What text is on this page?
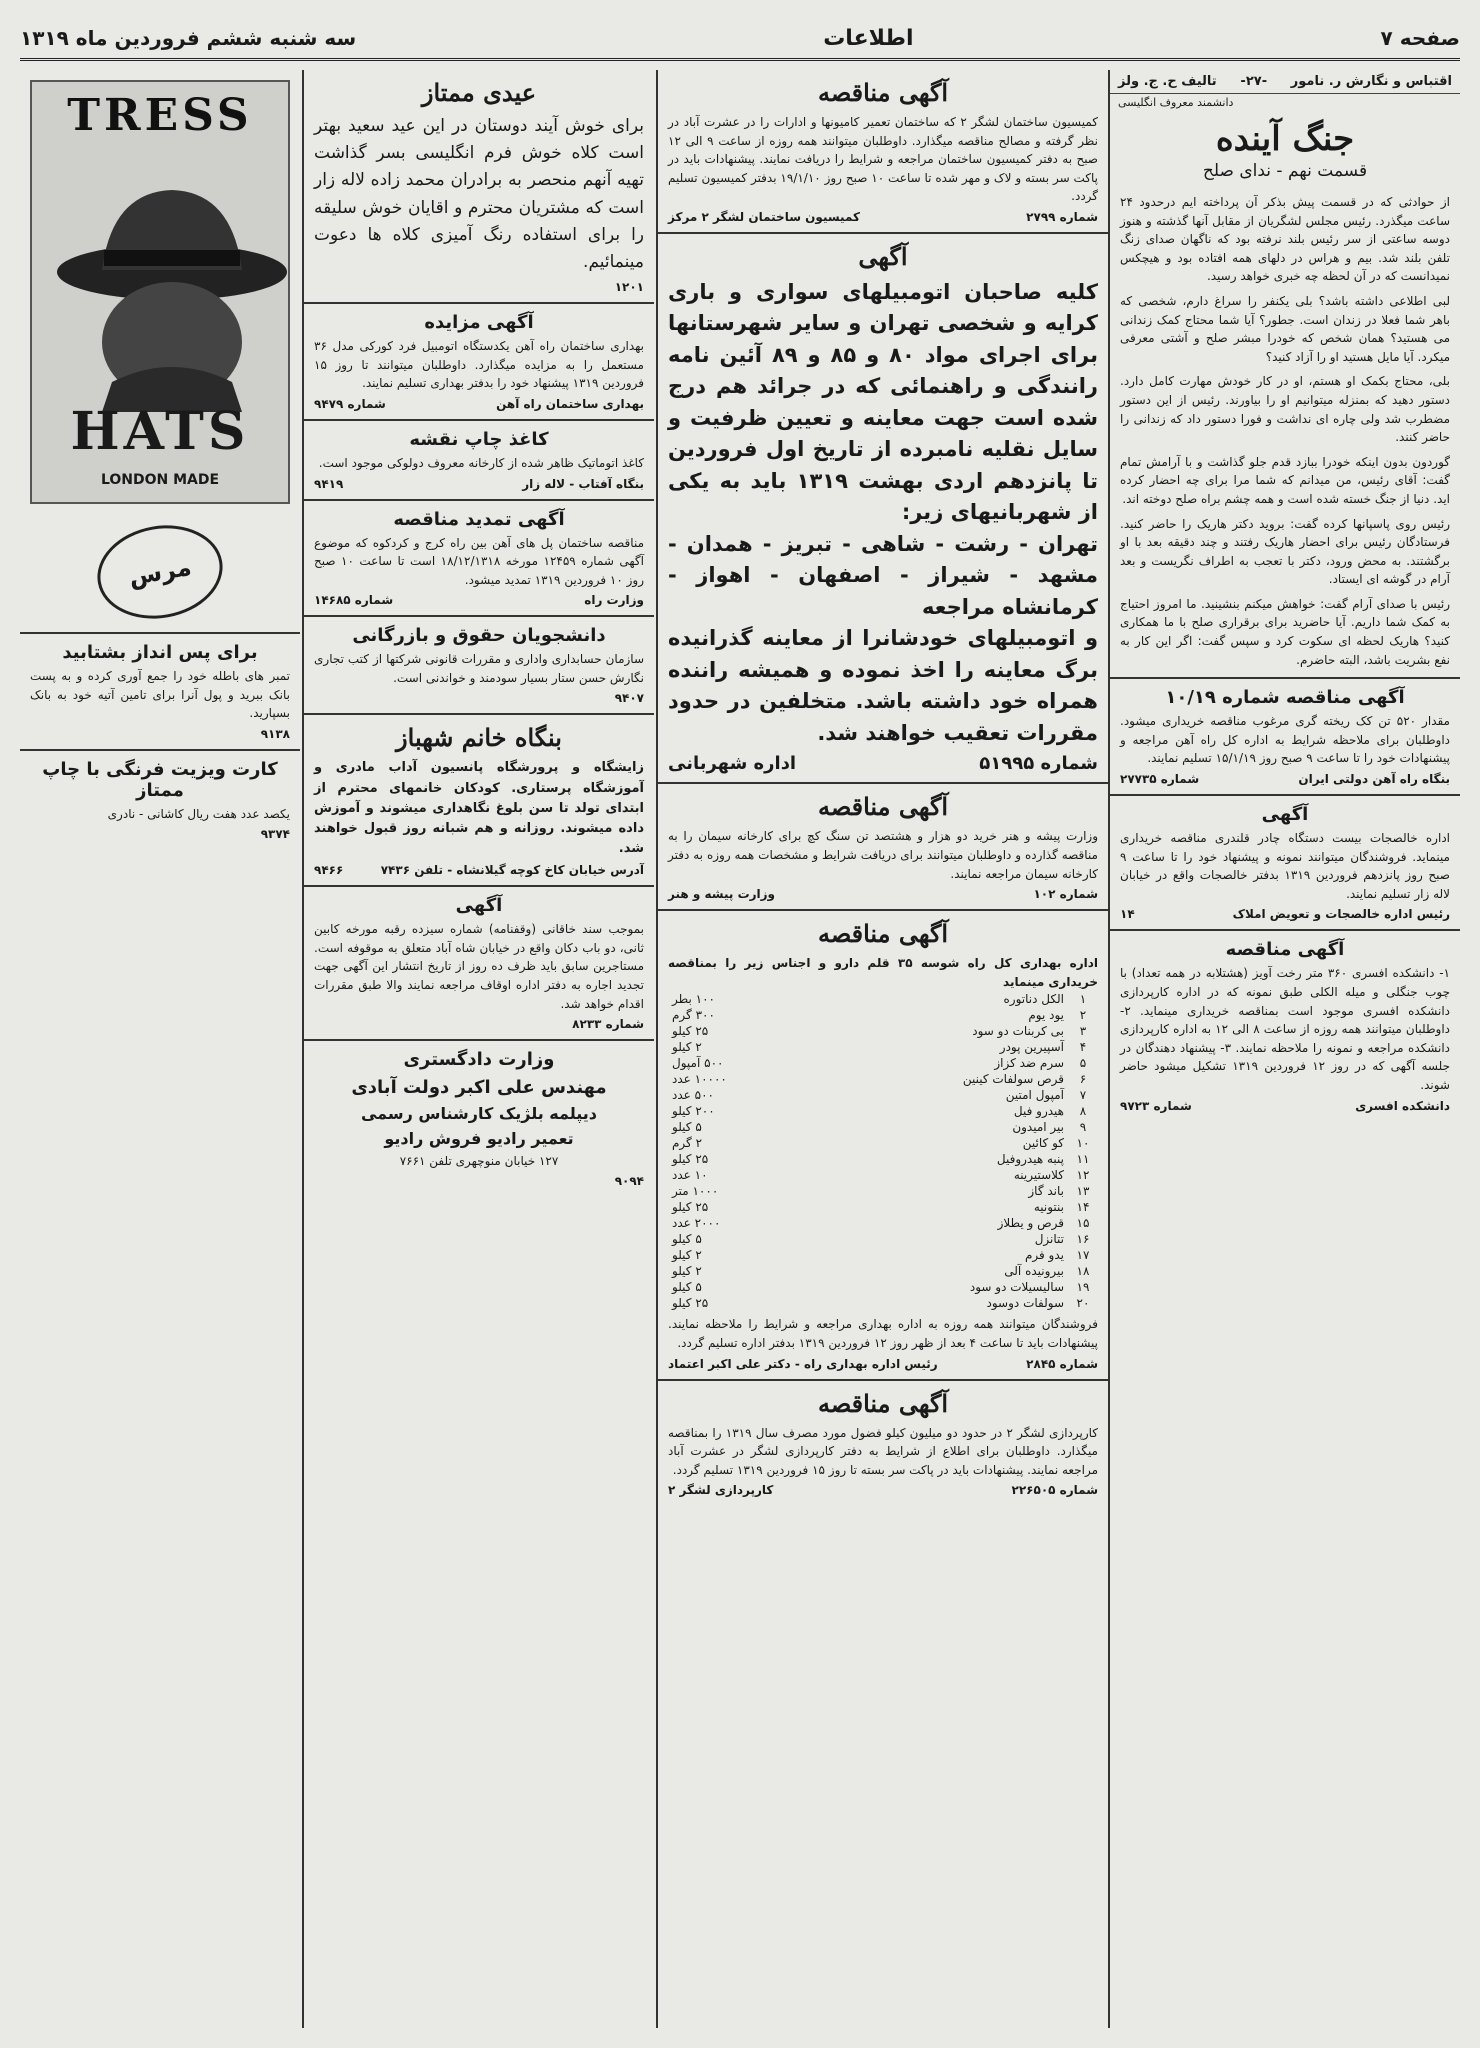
صفحه ۷
اطلاعات
سه شنبه ششم فروردین ماه ۱۳۱۹
اقتباس و نگارش ر. نامور
-۲۷-
تالیف ح. ج. ولز
دانشمند معروف انگلیسی
جنگ آینده
قسمت نهم - ندای صلح

از حوادثی که در قسمت پیش بذکر آن پرداخته ایم درحدود ۲۴ ساعت میگذرد. رئیس مجلس لشگریان از مقابل آنها گذشته و هنوز دوسه ساعتی از سر رئیس بلند نرفته بود که ناگهان صدای زنگ تلفن بلند شد. بیم و هراس در دلهای همه افتاده بود و هیچکس نمیدانست که در آن لحظه چه خبری خواهد رسید.

لبی اطلاعی داشته باشد؟ بلی یکنفر را سراغ دارم، شخصی که باهر شما فعلا در زندان است. جطور؟ آیا شما محتاج کمک زندانی می هستید؟ همان شخص که خودرا مبشر صلح و آشتی معرفی میکرد. آیا مایل هستید او را آزاد کنید؟

بلی، محتاج بکمک او هستم، او در کار خودش مهارت کامل دارد. دستور دهید که بمنزله میتوانیم او را بیاورند. رئیس از این دستور مضطرب شد ولی چاره ای نداشت و فورا دستور داد که زندانی را حاضر کنند.

گوردون بدون اینکه خودرا ببازد قدم جلو گذاشت و با آرامش تمام گفت: آقای رئیس، من میدانم که شما مرا برای چه احضار کرده اید. دنیا از جنگ خسته شده است و همه چشم براه صلح دوخته اند.

رئیس روی پاسپانها کرده گفت: بروید دکتر هاریک را حاضر کنید. فرستادگان رئیس برای احضار هاریک رفتند و چند دقیقه بعد با او برگشتند. به محض ورود، دکتر با تعجب به اطراف نگریست و بعد آرام در گوشه ای ایستاد.

رئیس با صدای آرام گفت: خواهش میکنم بنشینید. ما امروز احتیاج به کمک شما داریم. آیا حاضرید برای برقراری صلح با ما همکاری کنید؟ هاریک لحظه ای سکوت کرد و سپس گفت: اگر این کار به نفع بشریت باشد، البته حاضرم.

آگهی مناقصه شماره ۱۰/۱۹

مقدار ۵۲۰ تن کک ریخته گری مرغوب مناقصه خریداری میشود. داوطلبان برای ملاحظه شرایط به اداره کل راه آهن مراجعه و پیشنهادات خود را تا ساعت ۹ صبح روز ۱۵/۱/۱۹ تسلیم نمایند.

بنگاه راه آهن دولتی ایران
شماره ۲۷۷۳۵
آگهی

اداره خالصجات بیست دستگاه چادر قلندری مناقصه خریداری مینماید. فروشندگان میتوانند نمونه و پیشنهاد خود را تا ساعت ۹ صبح روز پانزدهم فروردین ۱۳۱۹ بدفتر خالصجات واقع در خیابان لاله زار تسلیم نمایند.

رئیس اداره خالصجات و تعویض املاک
۱۴
آگهی مناقصه

۱- دانشکده افسری ۳۶۰ متر رخت آویز (هشتلابه در همه تعداد) با چوب جنگلی و میله الکلی طبق نمونه که در اداره کارپردازی دانشکده افسری موجود است بمناقصه خریداری مینماید. ۲- داوطلبان میتوانند همه روزه از ساعت ۸ الی ۱۲ به اداره کارپردازی دانشکده مراجعه و نمونه را ملاحظه نمایند. ۳- پیشنهاد دهندگان در جلسه آگهی که در روز ۱۲ فروردین ۱۳۱۹ تشکیل میشود حاضر شوند.

دانشکده افسری
شماره ۹۷۲۳
آگهی مناقصه

کمیسیون ساختمان لشگر ۲ که ساختمان تعمیر کامیونها و ادارات را در عشرت آباد در نظر گرفته و مصالح مناقصه میگذارد. داوطلبان میتوانند همه روزه از ساعت ۹ الی ۱۲ صبح به دفتر کمیسیون ساختمان مراجعه و شرایط را دریافت نمایند. پیشنهادات باید در پاکت سر بسته و لاک و مهر شده تا ساعت ۱۰ صبح روز ۱۹/۱/۱۰ بدفتر کمیسیون تسلیم گردد.

شماره ۲۷۹۹
کمیسیون ساختمان لشگر ۲ مرکز
آگهی

کلیه صاحبان اتومبیلهای سواری و باری کرایه و شخصی تهران و سایر شهرستانها برای اجرای مواد ۸۰ و ۸۵ و ۸۹ آئین نامه رانندگی و راهنمائی که در جرائد هم درج شده است جهت معاینه و تعیین ظرفیت و سایل نقلیه نامبرده از تاریخ اول فروردین تا پانزدهم اردی بهشت ۱۳۱۹ باید به یکی از شهربانیهای زیر:

تهران - رشت - شاهی - تبریز - همدان - مشهد - شیراز - اصفهان - اهواز - کرمانشاه مراجعه

و اتومبیلهای خودشانرا از معاینه گذرانیده برگ معاینه را اخذ نموده و همیشه راننده همراه خود داشته باشد. متخلفین در حدود مقررات تعقیب خواهند شد.

شماره ۵۱۹۹۵
اداره شهربانی
آگهی مناقصه

وزارت پیشه و هنر خرید دو هزار و هشتصد تن سنگ کچ برای کارخانه سیمان را به مناقصه گذارده و داوطلبان میتوانند برای دریافت شرایط و مشخصات همه روزه به دفتر کارخانه سیمان مراجعه نمایند.

شماره ۱۰۲
وزارت پیشه و هنر
آگهی مناقصه

اداره بهداری کل راه شوسه ۳۵ قلم دارو و اجناس زیر را بمناقصه خریداری مینماید

۱	الکل دناتوره	۱۰۰ بطر
۲	یود یوم	۳۰۰ گرم
۳	بی کربنات دو سود	۲۵ کیلو
۴	آسپیرین پودر	۲ کیلو
۵	سرم ضد کزاز	۵۰۰ آمپول
۶	قرص سولفات کینین	۱۰۰۰۰ عدد
۷	آمپول امتین	۵۰۰ عدد
۸	هیدرو فیل	۲۰۰ کیلو
۹	بیر امیدون	۵ کیلو
۱۰	کو کائین	۲ گرم
۱۱	پنبه هیدروفیل	۲۵ کیلو
۱۲	کلاستیرینه	۱۰ عدد
۱۳	باند گاز	۱۰۰۰ متر
۱۴	بنتونیه	۲۵ کیلو
۱۵	قرص و یطلاز	۲۰۰۰ عدد
۱۶	تتانزل	۵ کیلو
۱۷	یدو فرم	۲ کیلو
۱۸	بیرونیده آلی	۲ کیلو
۱۹	سالیسیلات دو سود	۵ کیلو
۲۰	سولفات دوسود	۲۵ کیلو

فروشندگان میتوانند همه روزه به اداره بهداری مراجعه و شرایط را ملاحظه نمایند. پیشنهادات باید تا ساعت ۴ بعد از ظهر روز ۱۲ فروردین ۱۳۱۹ بدفتر اداره تسلیم گردد.

شماره ۲۸۴۵
رئیس اداره بهداری راه - دکتر علی اکبر اعتماد
آگهی مناقصه

کارپردازی لشگر ۲ در حدود دو میلیون کیلو فضول مورد مصرف سال ۱۳۱۹ را بمناقصه میگذارد. داوطلبان برای اطلاع از شرایط به دفتر کارپردازی لشگر در عشرت آباد مراجعه نمایند. پیشنهادات باید در پاکت سر بسته تا روز ۱۵ فروردین ۱۳۱۹ تسلیم گردد.

شماره ۲۲۶۵۰۵
کارپردازی لشگر ۲
عیدی ممتاز

برای خوش آیند دوستان در این عید سعید بهتر است کلاه خوش فرم انگلیسی بسر گذاشت تهیه آنهم منحصر به برادران محمد زاده لاله زار است که مشتریان محترم و اقایان خوش سلیقه را برای استفاده رنگ آمیزی کلاه ها دعوت مینمائیم.

۱۲۰۱
آگهی مزایده

بهداری ساختمان راه آهن یکدستگاه اتومبیل فرد کورکی مدل ۳۶ مستعمل را به مزایده میگذارد. داوطلبان میتوانند تا روز ۱۵ فروردین ۱۳۱۹ پیشنهاد خود را بدفتر بهداری تسلیم نمایند.

بهداری ساختمان راه آهن
شماره ۹۴۷۹
کاغذ چاپ نقشه

کاغذ اتوماتیک ظاهر شده از کارخانه معروف دولوکی موجود است.

بنگاه آفتاب - لاله زار
۹۴۱۹
آگهی تمدید مناقصه

مناقصه ساختمان پل های آهن بین راه کرج و کردکوه که موضوع آگهی شماره ۱۲۴۵۹ مورخه ۱۸/۱۲/۱۳۱۸ است تا ساعت ۱۰ صبح روز ۱۰ فروردین ۱۳۱۹ تمدید میشود.

وزارت راه
شماره ۱۴۶۸۵
دانشجویان حقوق و بازرگانی

سازمان حسابداری واداری و مقررات قانونی شرکتها از کتب تجاری نگارش حسن ستار بسیار سودمند و خواندنی است.

۹۴۰۷
بنگاه خانم شهباز

زایشگاه و پرورشگاه پانسیون آداب مادری و آموزشگاه پرستاری. کودکان خانمهای محترم از ابتدای تولد تا سن بلوغ نگاهداری میشوند و آموزش داده میشوند. روزانه و هم شبانه روز قبول خواهند شد.

آدرس خیابان کاخ کوچه گیلانشاه - تلفن ۷۴۳۶
۹۴۶۶
آگهی

بموجب سند خاقانی (وقفنامه) شماره سیزده رقبه مورخه کابین ثانی، دو باب دکان واقع در خیابان شاه آباد متعلق به موقوفه است. مستاجرین سابق باید ظرف ده روز از تاریخ انتشار این آگهی جهت تجدید اجاره به دفتر اداره اوقاف مراجعه نمایند والا طبق مقررات اقدام خواهد شد.

شماره ۸۲۳۳
وزارت دادگستری

مهندس علی اکبر دولت آبادی

دیپلمه بلژیک کارشناس رسمی

تعمیر رادیو فروش رادیو

۱۲۷ خیابان منوچهری تلفن ۷۶۶۱

۹۰۹۴
TRESS
HATS
LONDON MADE
مرس
برای پس انداز بشتابید

تمبر های باطله خود را جمع آوری کرده و به پست بانک ببرید و پول آنرا برای تامین آتیه خود به بانک بسپارید.

۹۱۳۸
کارت ویزیت فرنگی با چاپ ممتاز

یکصد عدد هفت ریال کاشانی - نادری

۹۳۷۴
